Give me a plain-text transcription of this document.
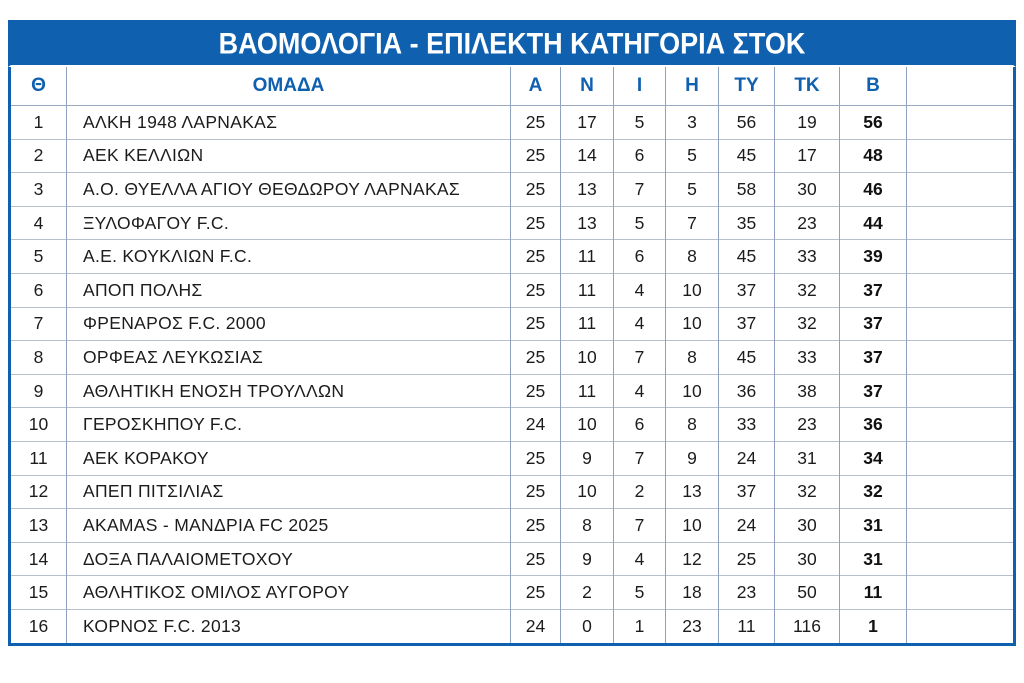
ΒΑΟΜΟΛΟΓΙΑ - ΕΠΙΛΕΚΤΗ ΚΑΤΗΓΟΡΙΑ ΣΤΟΚ
Θ	ΟΜΑΔΑ	Α	Ν	Ι	Η	ΤΥ	ΤΚ	Β	
1	ΑΛΚΗ 1948 ΛΑΡΝΑΚΑΣ	25	17	5	3	56	19	56	
2	ΑΕΚ ΚΕΛΛΙΩΝ	25	14	6	5	45	17	48	
3	Α.Ο. ΘΥΕΛΛΑ ΑΓΙΟΥ ΘΕΘΔΩΡΟΥ ΛΑΡΝΑΚΑΣ	25	13	7	5	58	30	46	
4	ΞΥΛΟΦΑΓΟΥ F.C.	25	13	5	7	35	23	44	
5	Α.Ε. ΚΟΥΚΛΙΩΝ F.C.	25	11	6	8	45	33	39	
6	ΑΠΟΠ ΠΟΛΗΣ	25	11	4	10	37	32	37	
7	ΦΡΕΝΑΡΟΣ F.C. 2000	25	11	4	10	37	32	37	
8	ΟΡΦΕΑΣ ΛΕΥΚΩΣΙΑΣ	25	10	7	8	45	33	37	
9	ΑΘΛΗΤΙΚΗ ΕΝΟΣΗ ΤΡΟΥΛΛΩΝ	25	11	4	10	36	38	37	
10	ΓΕΡΟΣΚΗΠΟΥ F.C.	24	10	6	8	33	23	36	
11	ΑΕΚ ΚΟΡΑΚΟΥ	25	9	7	9	24	31	34	
12	ΑΠΕΠ ΠΙΤΣΙΛΙΑΣ	25	10	2	13	37	32	32	
13	ΑΚΑΜΑS - ΜΑΝΔΡΙΑ FC 2025	25	8	7	10	24	30	31	
14	ΔΟΞΑ ΠΑΛΑΙΟΜΕΤΟΧΟΥ	25	9	4	12	25	30	31	
15	ΑΘΛΗΤΙΚΟΣ ΟΜΙΛΟΣ ΑΥΓΟΡΟΥ	25	2	5	18	23	50	11	
16	ΚΟΡΝΟΣ F.C. 2013	24	0	1	23	11	116	1	
